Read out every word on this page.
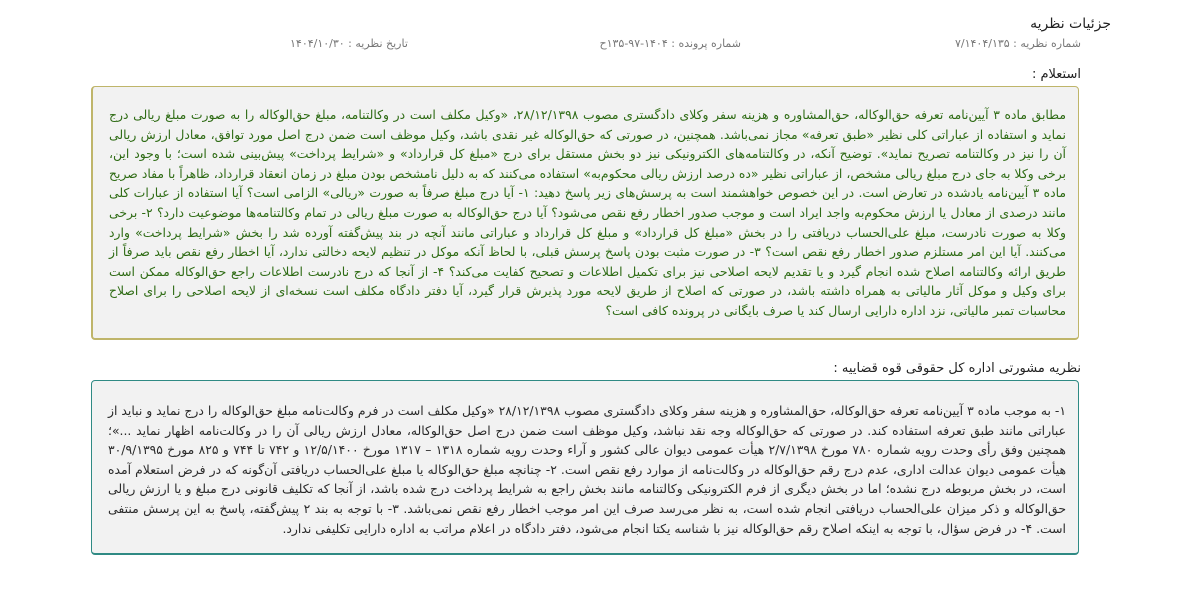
جزئیات نظریه
شماره نظریه : ۷/۱۴۰۴/۱۳۵
شماره پرونده : ۱۴۰۴-۹۷-۱۳۵ح
تاریخ نظریه : ۱۴۰۴/۱۰/۳۰
استعلام :

مطابق ماده ۳ آیین‌نامه تعرفه حق‌الوکاله، حق‌المشاوره و هزینه سفر وکلای دادگستری مصوب ۲۸/۱۲/۱۳۹۸، «وکیل مکلف است در وکالتنامه، مبلغ حق‌الوکاله را به صورت مبلغ ریالی درج نماید و استفاده از عباراتی کلی نظیر «طبق تعرفه» مجاز نمی‌باشد. همچنین، در صورتی که حق‌الوکاله غیر نقدی باشد، وکیل موظف است ضمن درج اصل مورد توافق، معادل ارزش ریالی آن را نیز در وکالتنامه تصریح نماید». توضیح آنکه، در وکالتنامه‌های الکترونیکی نیز دو بخش مستقل برای درج «مبلغ کل قرارداد» و «شرایط پرداخت» پیش‌بینی شده است؛ با وجود این، برخی وکلا به جای درج مبلغ ریالی مشخص، از عباراتی نظیر «ده درصد ارزش ریالی محکوم‌به» استفاده می‌کنند که به دلیل نامشخص بودن مبلغ در زمان انعقاد قرارداد، ظاهراً با مفاد صریح ماده ۳ آیین‌نامه یادشده در تعارض است. در این خصوص خواهشمند است به پرسش‌های زیر پاسخ دهید: ۱- آیا درج مبلغ صرفاً به صورت «ریالی» الزامی است؟ آیا استفاده از عبارات کلی مانند درصدی از معادل یا ارزش محکوم‌به واجد ایراد است و موجب صدور اخطار رفع نقص می‌شود؟ آیا درج حق‌الوکاله به صورت مبلغ ریالی در تمام وکالتنامه‌ها موضوعیت دارد؟ ۲- برخی وکلا به صورت نادرست، مبلغ علی‌الحساب دریافتی را در بخش «مبلغ کل قرارداد» و مبلغ کل قرارداد و عباراتی مانند آنچه در بند پیش‌گفته آورده شد را بخش «شرایط پرداخت» وارد می‌کنند. آیا این امر مستلزم صدور اخطار رفع نقص است؟ ۳- در صورت مثبت بودن پاسخ پرسش قبلی، با لحاظ آنکه موکل در تنظیم لایحه دخالتی ندارد، آیا اخطار رفع نقص باید صرفاً از طریق ارائه وکالتنامه اصلاح شده انجام گیرد و یا تقدیم لایحه اصلاحی نیز برای تکمیل اطلاعات و تصحیح کفایت می‌کند؟ ۴- از آنجا که درج نادرست اطلاعات راجع حق‌الوکاله ممکن است برای وکیل و موکل آثار مالیاتی به همراه داشته باشد، در صورتی که اصلاح از طریق لایحه مورد پذیرش قرار گیرد، آیا دفتر دادگاه مکلف است نسخه‌ای از لایحه اصلاحی را برای اصلاح محاسبات تمبر مالیاتی، نزد اداره دارایی ارسال کند یا صرف بایگانی در پرونده کافی است؟

نظریه مشورتی اداره کل حقوقی قوه قضاییه :

۱- به موجب ماده ۳ آیین‌نامه تعرفه حق‌الوکاله، حق‌المشاوره و هزینه سفر وکلای دادگستری مصوب ۲۸/۱۲/۱۳۹۸ «وکیل مکلف است در فرم وکالت‌نامه مبلغ حق‌الوکاله را درج نماید و نباید از عباراتی مانند طبق تعرفه استفاده کند. در صورتی که حق‌الوکاله وجه نقد نباشد، وکیل موظف است ضمن درج اصل حق‌الوکاله، معادل ارزش ریالی آن را در وکالت‌نامه اظهار نماید ...»؛ همچنین وفق رأی وحدت رویه شماره ۷۸۰ مورخ ۲/۷/۱۳۹۸ هیأت عمومی دیوان عالی کشور و آراء وحدت رویه شماره ۱۳۱۸ – ۱۳۱۷ مورخ ۱۲/۵/۱۴۰۰ و ۷۴۲ تا ۷۴۴ و ۸۲۵ مورخ ۳۰/۹/۱۳۹۵ هیأت عمومی دیوان عدالت اداری، عدم درج رقم حق‌الوکاله در وکالت‌نامه از موارد رفع نقص است. ۲- چنانچه مبلغ حق‌الوکاله یا مبلغ علی‌الحساب دریافتی آن‌گونه که در فرض استعلام آمده است، در بخش مربوطه درج نشده؛ اما در بخش دیگری از فرم الکترونیکی وکالتنامه مانند بخش راجع به شرایط پرداخت درج شده باشد، از آنجا که تکلیف قانونی درج مبلغ و یا ارزش ریالی حق‌الوکاله و ذکر میزان علی‌الحساب دریافتی انجام شده است، به نظر می‌رسد صرف این امر موجب اخطار رفع نقص نمی‌باشد. ۳- با توجه به بند ۲ پیش‌گفته، پاسخ به این پرسش منتفی است. ۴- در فرض سؤال، با توجه به اینکه اصلاح رقم حق‌الوکاله نیز با شناسه یکتا انجام می‌شود، دفتر دادگاه در اعلام مراتب به اداره دارایی تکلیفی ندارد.
